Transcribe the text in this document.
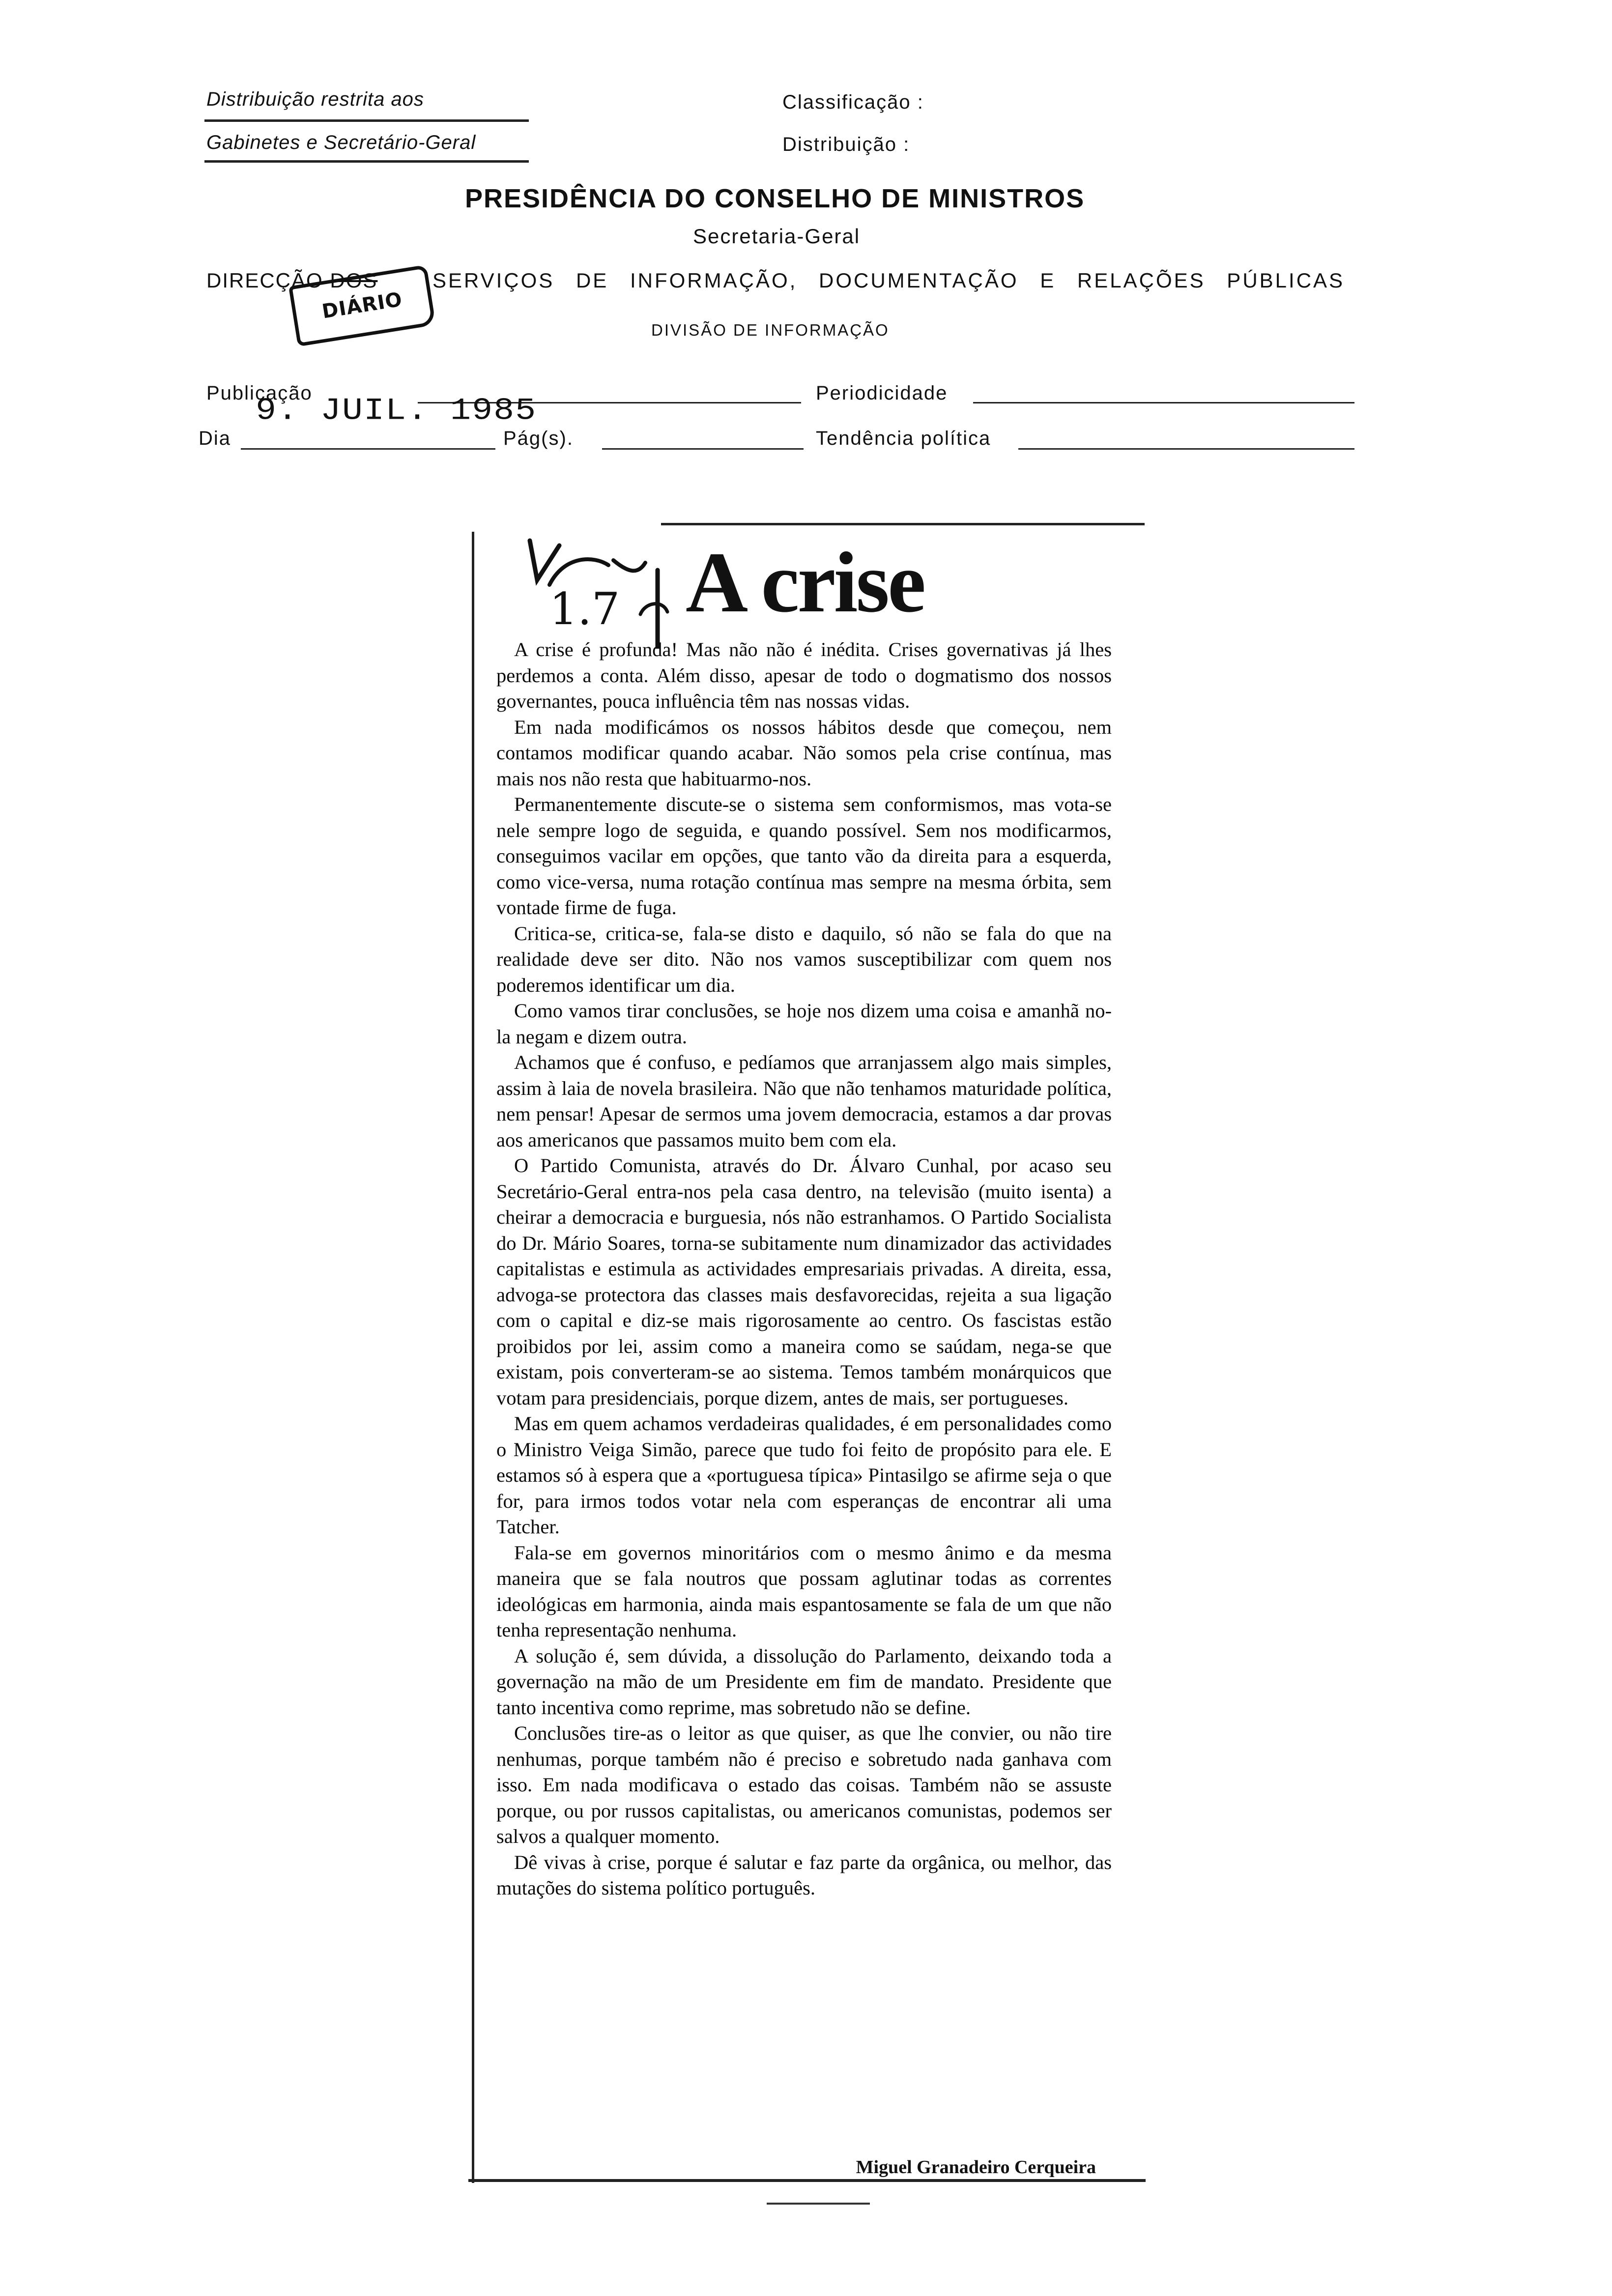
Distribuição restrita aos
Gabinetes e Secretário-Geral
Classificação :
Distribuição :
PRESIDÊNCIA DO CONSELHO DE MINISTROS
Secretaria-Geral
DIRECÇÃO DOS	SERVIÇOS DE INFORMAÇÃO, DOCUMENTAÇÃO E RELAÇÕES PÚBLICAS
DIÁRIO
DIVISÃO DE INFORMAÇÃO
Publicação
9. JUIL. 1985
Periodicidade
Dia	Pág(s).	Tendência política
1.7 A crise

A crise é profunda! Mas não não é inédita. Crises governativas já lhes perdemos a conta. Além disso, apesar de todo o dogmatismo dos nossos governantes, pouca influência têm nas nossas vidas.

Em nada modificámos os nossos hábitos desde que começou, nem contamos modificar quando acabar. Não somos pela crise contínua, mas mais nos não resta que habituarmo-nos.

Permanentemente discute-se o sistema sem conformismos, mas vota-se nele sempre logo de seguida, e quando possível. Sem nos modificarmos, conseguimos vacilar em opções, que tanto vão da direita para a esquerda, como vice-versa, numa rotação contínua mas sempre na mesma órbita, sem vontade firme de fuga.

Critica-se, critica-se, fala-se disto e daquilo, só não se fala do que na realidade deve ser dito. Não nos vamos susceptibilizar com quem nos poderemos identificar um dia.

Como vamos tirar conclusões, se hoje nos dizem uma coisa e amanhã no-la negam e dizem outra.

Achamos que é confuso, e pedíamos que arranjassem algo mais simples, assim à laia de novela brasileira. Não que não tenhamos maturidade política, nem pensar! Apesar de sermos uma jovem democracia, estamos a dar provas aos americanos que passamos muito bem com ela.

O Partido Comunista, através do Dr. Álvaro Cunhal, por acaso seu Secretário-Geral entra-nos pela casa dentro, na televisão (muito isenta) a cheirar a democracia e burguesia, nós não estranhamos. O Partido Socialista do Dr. Mário Soares, torna-se subitamente num dinamizador das actividades capitalistas e estimula as actividades empresariais privadas. A direita, essa, advoga-se protectora das classes mais desfavorecidas, rejeita a sua ligação com o capital e diz-se mais rigorosamente ao centro. Os fascistas estão proibidos por lei, assim como a maneira como se saúdam, nega-se que existam, pois converteram-se ao sistema. Temos também monárquicos que votam para presidenciais, porque dizem, antes de mais, ser portugueses.

Mas em quem achamos verdadeiras qualidades, é em personalidades como o Ministro Veiga Simão, parece que tudo foi feito de propósito para ele. E estamos só à espera que a «portuguesa típica» Pintasilgo se afirme seja o que for, para irmos todos votar nela com esperanças de encontrar ali uma Tatcher.

Fala-se em governos minoritários com o mesmo ânimo e da mesma maneira que se fala noutros que possam aglutinar todas as correntes ideológicas em harmonia, ainda mais espantosamente se fala de um que não tenha representação nenhuma.

A solução é, sem dúvida, a dissolução do Parlamento, deixando toda a governação na mão de um Presidente em fim de mandato. Presidente que tanto incentiva como reprime, mas sobretudo não se define.

Conclusões tire-as o leitor as que quiser, as que lhe convier, ou não tire nenhumas, porque também não é preciso e sobretudo nada ganhava com isso. Em nada modificava o estado das coisas. Também não se assuste porque, ou por russos capitalistas, ou americanos comunistas, podemos ser salvos a qualquer momento.

Dê vivas à crise, porque é salutar e faz parte da orgânica, ou melhor, das mutações do sistema político português.

Miguel Granadeiro Cerqueira
